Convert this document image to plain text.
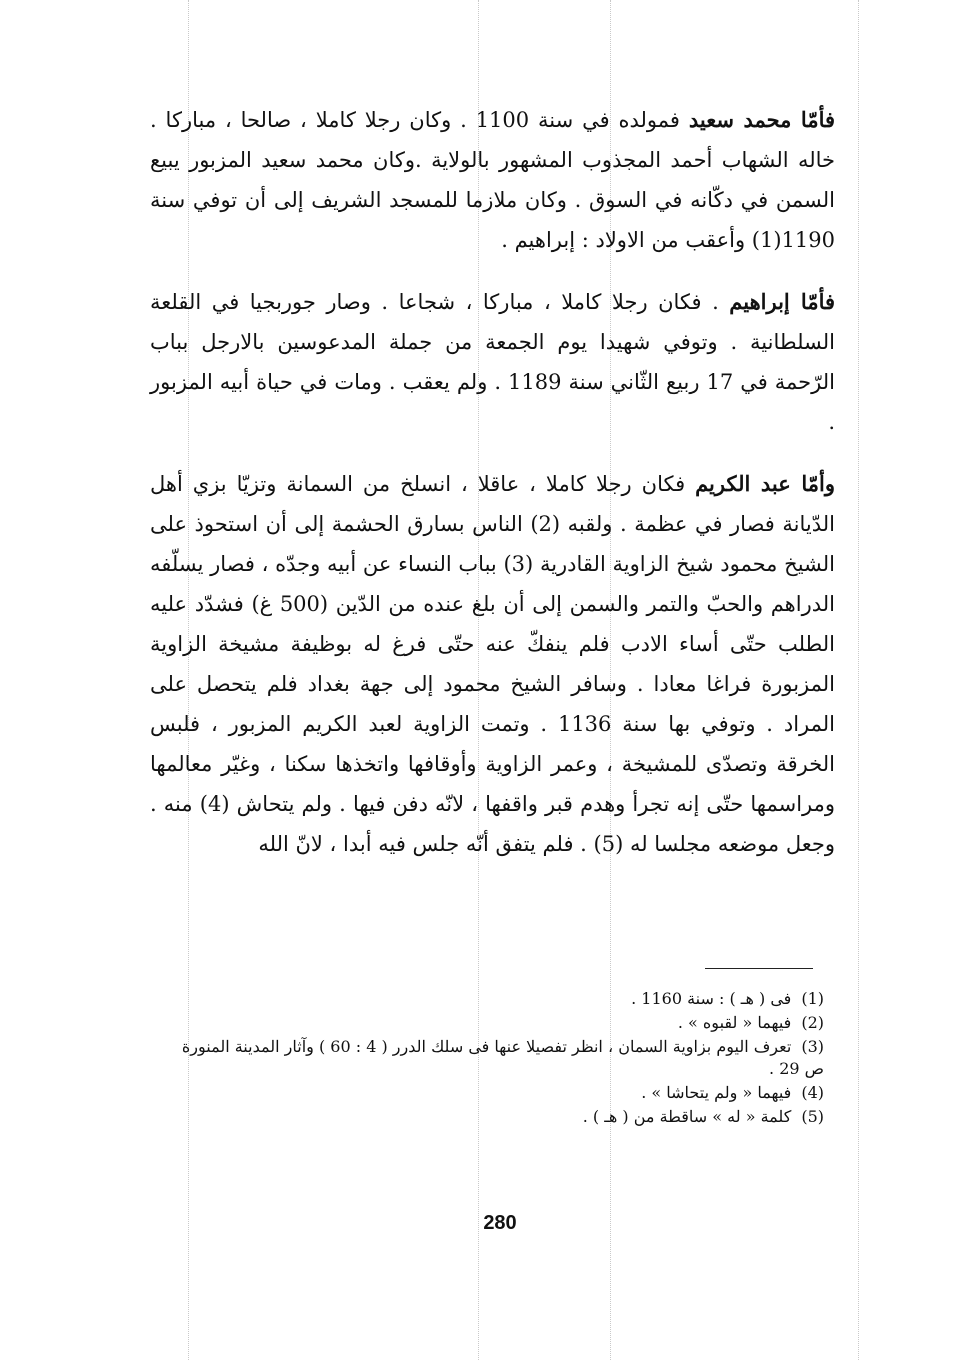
فأمّا محمد سعيد فمولده في سنة 1100 . وكان رجلا كاملا ، صالحا ، مباركا . خاله الشهاب أحمد المجذوب المشهور بالولاية .وكان محمد سعيد المزبور يبيع السمن في دكّانه في السوق . وكان ملازما للمسجد الشريف إلى أن توفي سنة 1190(1) وأعقب من الاولاد : إبراهيم .

فأمّا إبراهيم . فكان رجلا كاملا ، مباركا ، شجاعا . وصار جوربجيا في القلعة السلطانية . وتوفي شهيدا يوم الجمعة من جملة المدعوسين بالارجل بباب الرّحمة في 17 ربيع الثّاني سنة 1189 . ولم يعقب . ومات في حياة أبيه المزبور .

وأمّا عبد الكريم فكان رجلا كاملا ، عاقلا ، انسلخ من السمانة وتزيّا بزي أهل الدّيانة فصار في عظمة . ولقبه (2) الناس بسارق الحشمة إلى أن استحوذ على الشيخ محمود شيخ الزاوية القادرية (3) بباب النساء عن أبيه وجدّه ، فصار يسلّفه الدراهم والحبّ والتمر والسمن إلى أن بلغ عنده من الدّين (500 غ) فشدّد عليه الطلب حتّى أساء الادب فلم ينفكّ عنه حتّى فرغ له بوظيفة مشيخة الزاوية المزبورة فراغا معادا . وسافر الشيخ محمود إلى جهة بغداد فلم يتحصل على المراد . وتوفي بها سنة 1136 . وتمت الزاوية لعبد الكريم المزبور ، فلبس الخرقة وتصدّى للمشيخة ، وعمر الزاوية وأوقافها واتخذها سكنا ، وغيّر معالمها ومراسمها حتّى إنه تجرأ وهدم قبر واقفها ، لانّه دفن فيها . ولم يتحاش (4) منه . وجعل موضعه مجلسا له (5) . فلم يتفق أنّه جلس فيه أبدا ، لانّ الله

(1)فى ( هـ ) : سنة 1160 .
(2)فيهما « لقبوه » .
(3)تعرف اليوم بزاوية السمان ، انظر تفصيلا عنها فى سلك الدرر ( 4 : 60 ) وآثار المدينة المنورة ص 29 .
(4)فيهما « ولم يتحاشا » .
(5)كلمة « له » ساقطة من ( هـ ) .
280
